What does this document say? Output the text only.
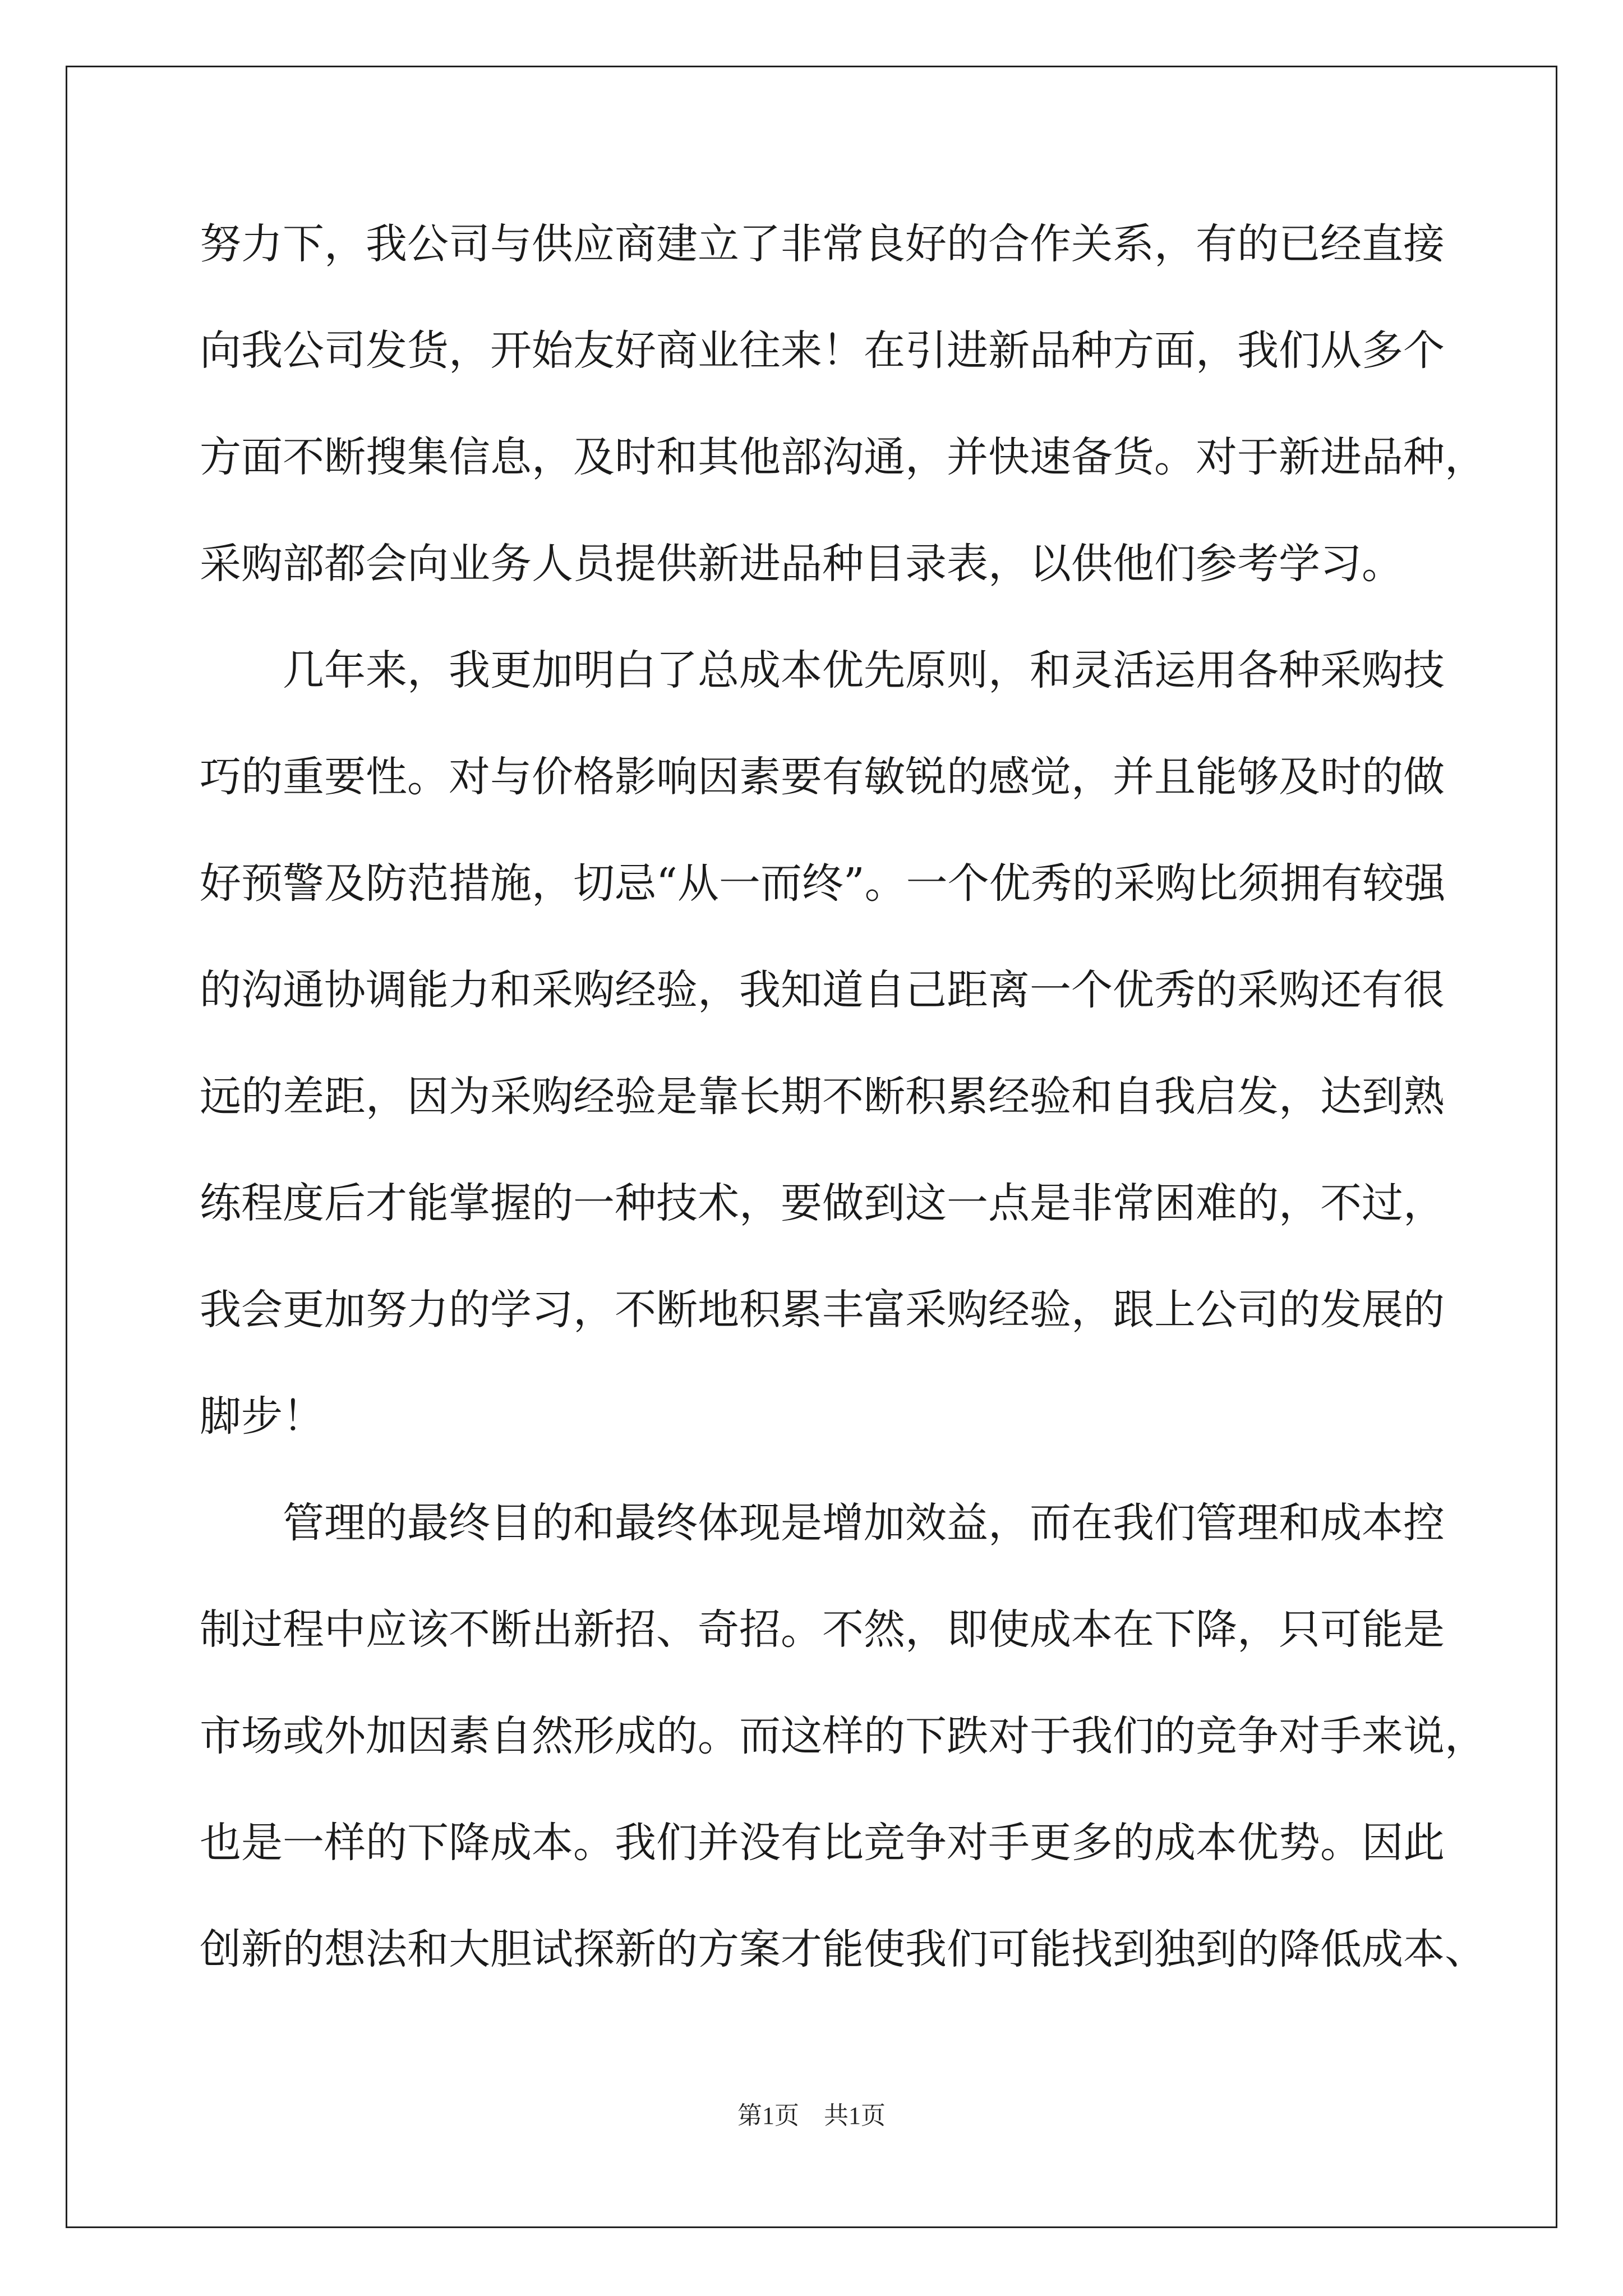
努力下，我公司与供应商建立了非常良好的合作关系，有的已经直接
向我公司发货，开始友好商业往来！在引进新品种方面，我们从多个
方面不断搜集信息，及时和其他部沟通，并快速备货。对于新进品种，
采购部都会向业务人员提供新进品种目录表，以供他们参考学习。
几年来，我更加明白了总成本优先原则，和灵活运用各种采购技
巧的重要性。对与价格影响因素要有敏锐的感觉，并且能够及时的做
好预警及防范措施，切忌“从一而终”。一个优秀的采购比须拥有较强
的沟通协调能力和采购经验，我知道自己距离一个优秀的采购还有很
远的差距，因为采购经验是靠长期不断积累经验和自我启发，达到熟
练程度后才能掌握的一种技术，要做到这一点是非常困难的，不过，
我会更加努力的学习，不断地积累丰富采购经验，跟上公司的发展的
脚步！
管理的最终目的和最终体现是增加效益，而在我们管理和成本控
制过程中应该不断出新招、奇招。不然，即使成本在下降，只可能是
市场或外加因素自然形成的。而这样的下跌对于我们的竞争对手来说，
也是一样的下降成本。我们并没有比竞争对手更多的成本优势。因此
创新的想法和大胆试探新的方案才能使我们可能找到独到的降低成本、
第1页　共1页
